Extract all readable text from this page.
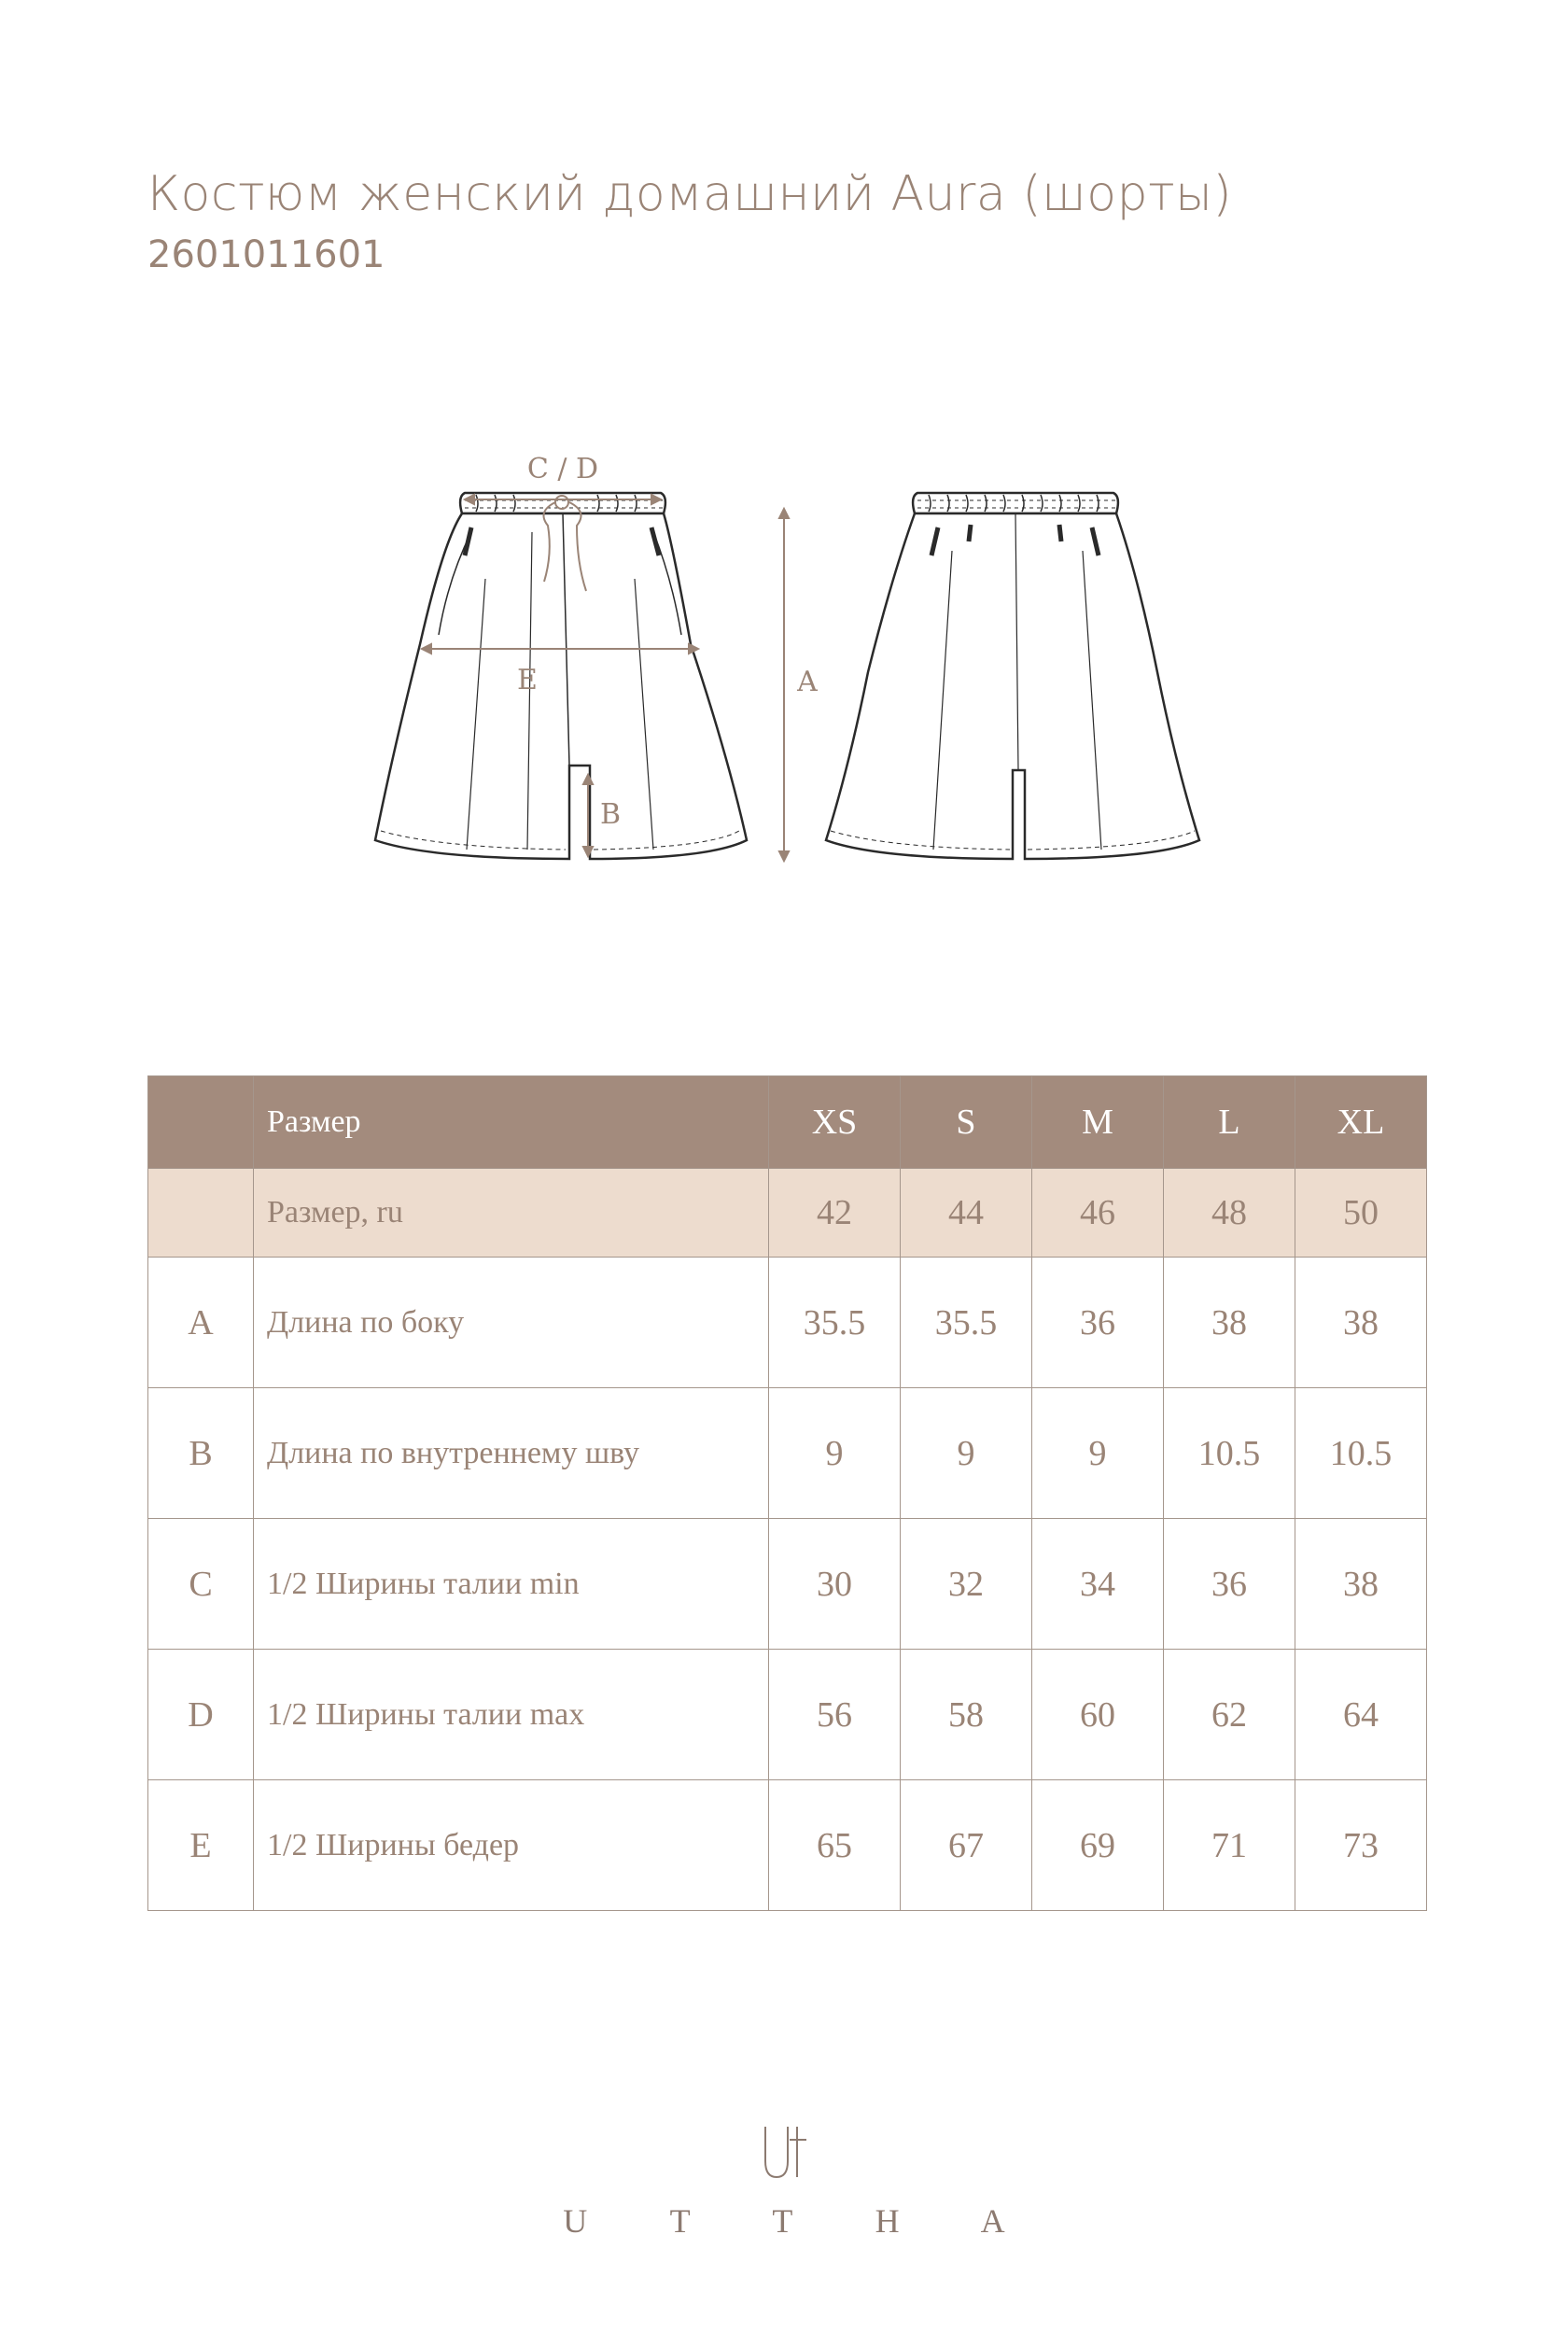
Костюм женский домашний Aura (шорты)
2601011601
C / D
A
E
B
	Размер	XS	S	M	L	XL
	Размер, ru	42	44	46	48	50
A	Длина по боку	35.5	35.5	36	38	38
B	Длина по внутреннему шву	9	9	9	10.5	10.5
C	1/2 Ширины талии min	30	32	34	36	38
D	1/2 Ширины талии max	56	58	60	62	64
E	1/2 Ширины бедер	65	67	69	71	73
U T T H A
